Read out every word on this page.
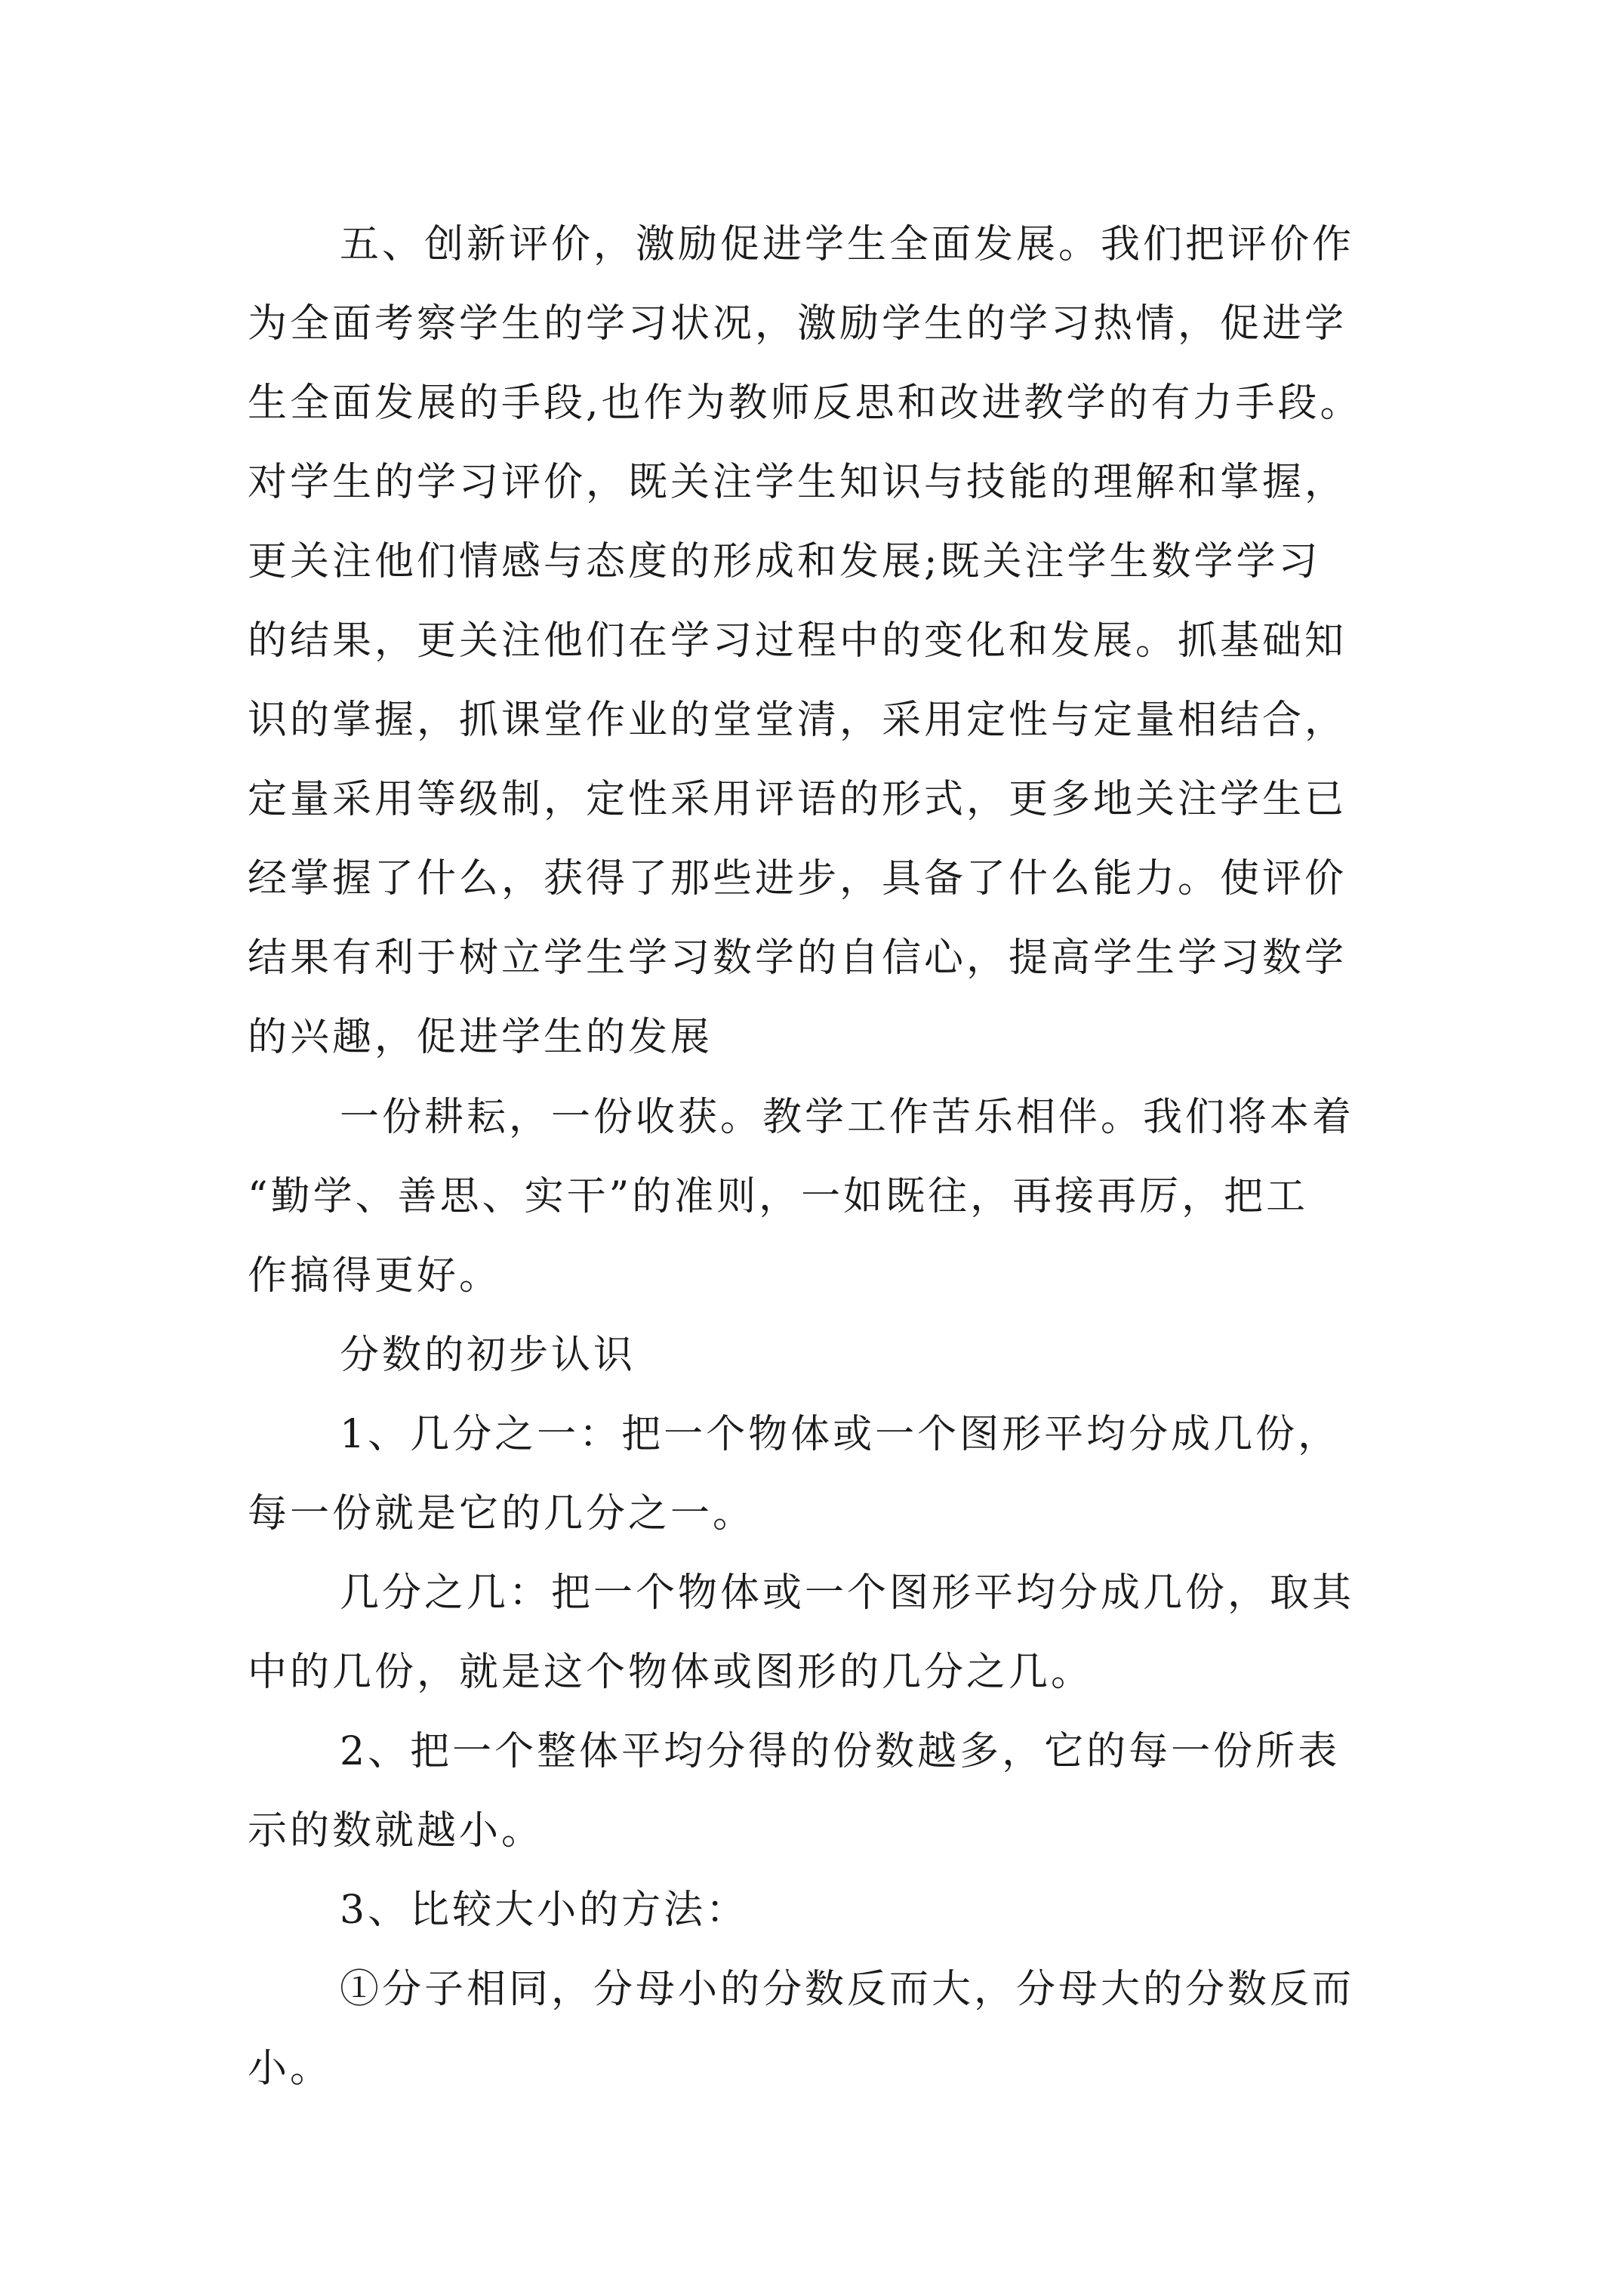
五、创新评价，激励促进学生全面发展。我们把评价作
为全面考察学生的学习状况，激励学生的学习热情，促进学
生全面发展的手段,也作为教师反思和改进教学的有力手段。
对学生的学习评价，既关注学生知识与技能的理解和掌握，
更关注他们情感与态度的形成和发展;既关注学生数学学习
的结果，更关注他们在学习过程中的变化和发展。抓基础知
识的掌握，抓课堂作业的堂堂清，采用定性与定量相结合，
定量采用等级制，定性采用评语的形式，更多地关注学生已
经掌握了什么，获得了那些进步，具备了什么能力。使评价
结果有利于树立学生学习数学的自信心，提高学生学习数学
的兴趣，促进学生的发展
一份耕耘，一份收获。教学工作苦乐相伴。我们将本着
“勤学、善思、实干”的准则，一如既往，再接再厉，把工
作搞得更好。
分数的初步认识
1、几分之一：把一个物体或一个图形平均分成几份，
每一份就是它的几分之一。
几分之几：把一个物体或一个图形平均分成几份，取其
中的几份，就是这个物体或图形的几分之几。
2、把一个整体平均分得的份数越多，它的每一份所表
示的数就越小。
3、比较大小的方法：
①分子相同，分母小的分数反而大，分母大的分数反而
小。
